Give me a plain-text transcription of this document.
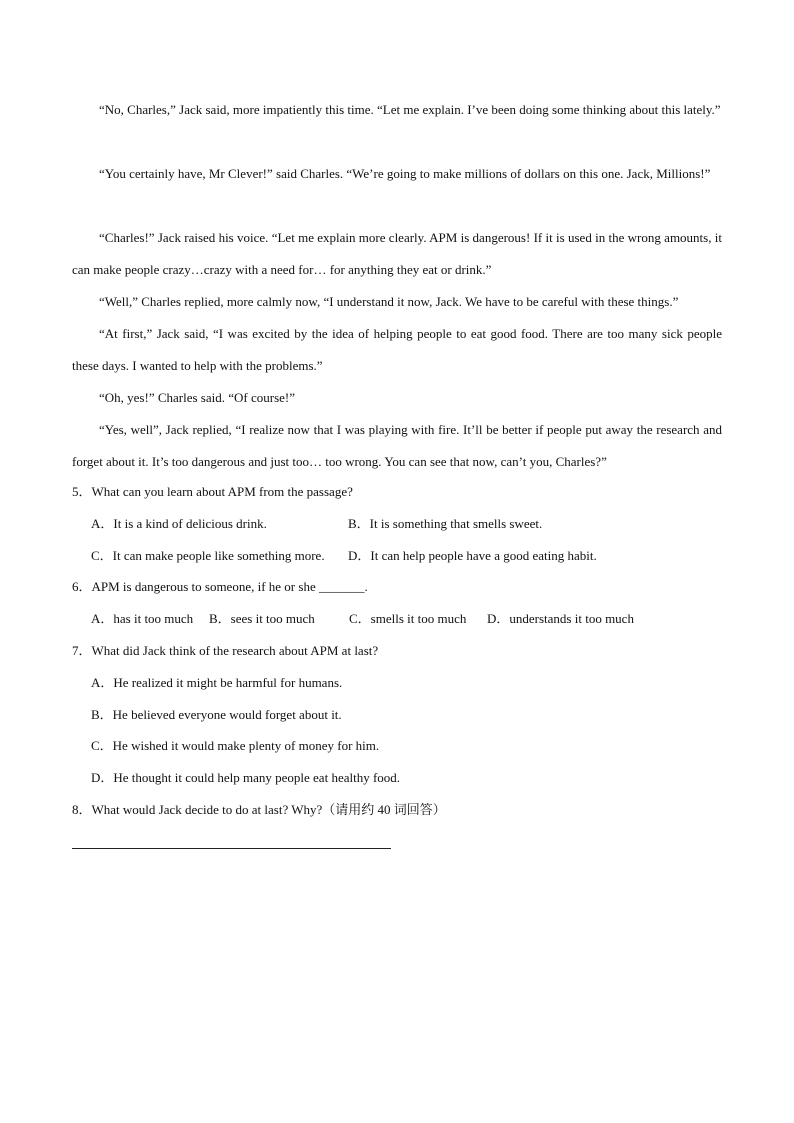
“No, Charles,” Jack said, more impatiently this time. “Let me explain. I’ve been doing some thinking about this lately.”

“You certainly have, Mr Clever!” said Charles. “We’re going to make millions of dollars on this one. Jack, Millions!”

“Charles!” Jack raised his voice. “Let me explain more clearly. APM is dangerous! If it is used in the wrong amounts, it can make people crazy…crazy with a need for… for anything they eat or drink.”

“Well,” Charles replied, more calmly now, “I understand it now, Jack. We have to be careful with these things.”

“At first,” Jack said, “I was excited by the idea of helping people to eat good food. There are too many sick people these days. I wanted to help with the problems.”

“Oh, yes!” Charles said. “Of course!”

“Yes, well”, Jack replied, “I realize now that I was playing with fire. It’ll be better if people put away the research and forget about it. It’s too dangerous and just too… too wrong. You can see that now, can’t you, Charles?”

5．What can you learn about APM from the passage?
A．It is a kind of delicious drink.	B．It is something that smells sweet.
C．It can make people like something more. D．It can help people have a good eating habit.
6．APM is dangerous to someone, if he or she _______.
A．has it too much B．sees it too much	C．smells it too much D．understands it too much
7．What did Jack think of the research about APM at last?
A．He realized it might be harmful for humans.
B．He believed everyone would forget about it.
C．He wished it would make plenty of money for him.
D．He thought it could help many people eat healthy food.
8．What would Jack decide to do at last? Why?（请用约 40 词回答）
